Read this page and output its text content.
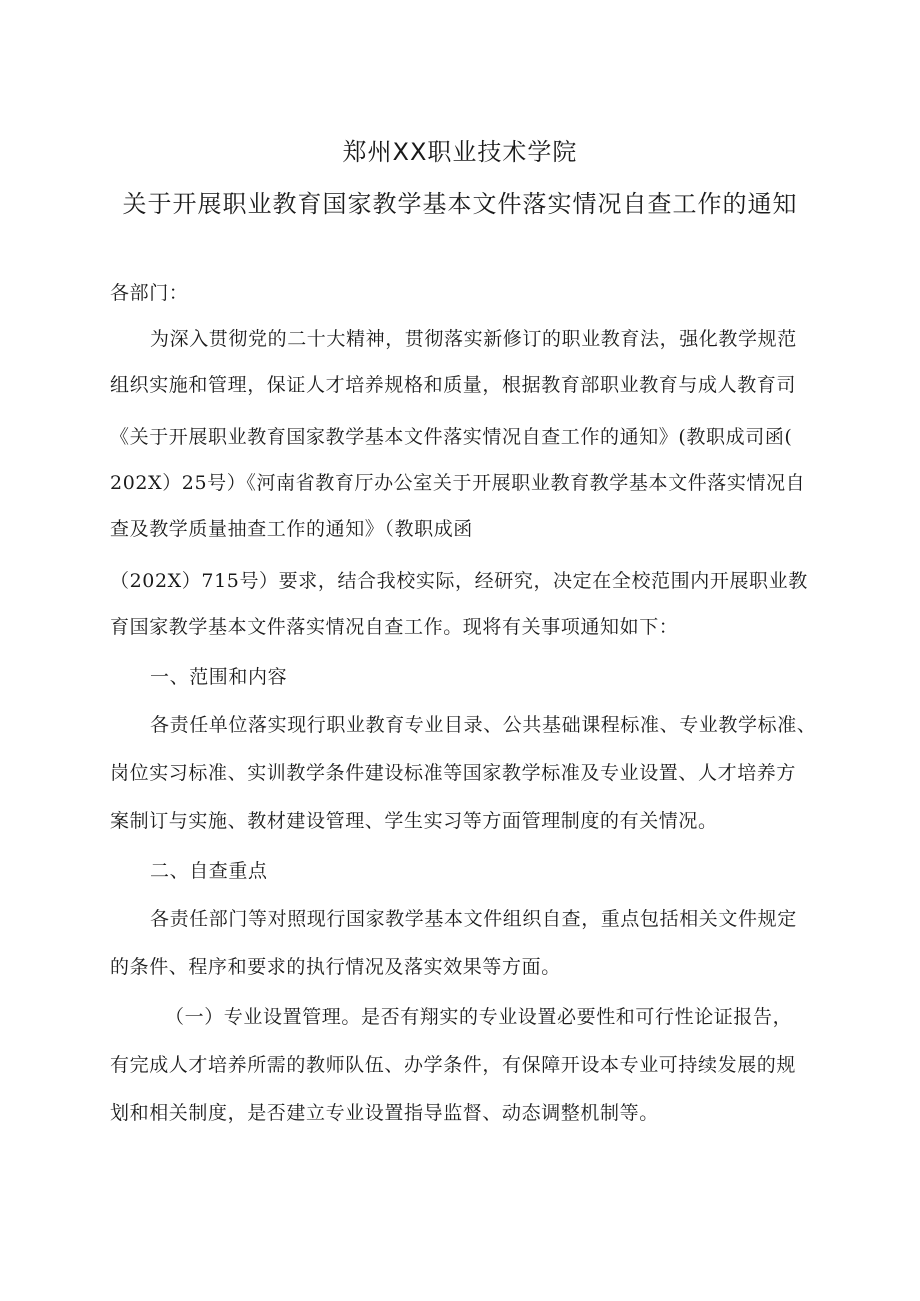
郑州XX职业技术学院
关于开展职业教育国家教学基本文件落实情况自查工作的通知
各部门：
为深入贯彻党的二十大精神，贯彻落实新修订的职业教育法，强化教学规范
组织实施和管理，保证人才培养规格和质量，根据教育部职业教育与成人教育司
《关于开展职业教育国家教学基本文件落实情况自查工作的通知》(教职成司函(
202X）25号）《河南省教育厅办公室关于开展职业教育教学基本文件落实情况自
查及教学质量抽查工作的通知》（教职成函
（202X）715号）要求，结合我校实际，经研究，决定在全校范围内开展职业教
育国家教学基本文件落实情况自查工作。现将有关事项通知如下：
一、范围和内容
各责任单位落实现行职业教育专业目录、公共基础课程标准、专业教学标准、
岗位实习标准、实训教学条件建设标准等国家教学标准及专业设置、人才培养方
案制订与实施、教材建设管理、学生实习等方面管理制度的有关情况。
二、自查重点
各责任部门等对照现行国家教学基本文件组织自查，重点包括相关文件规定
的条件、程序和要求的执行情况及落实效果等方面。
（一）专业设置管理。是否有翔实的专业设置必要性和可行性论证报告，
有完成人才培养所需的教师队伍、办学条件，有保障开设本专业可持续发展的规
划和相关制度，是否建立专业设置指导监督、动态调整机制等。
